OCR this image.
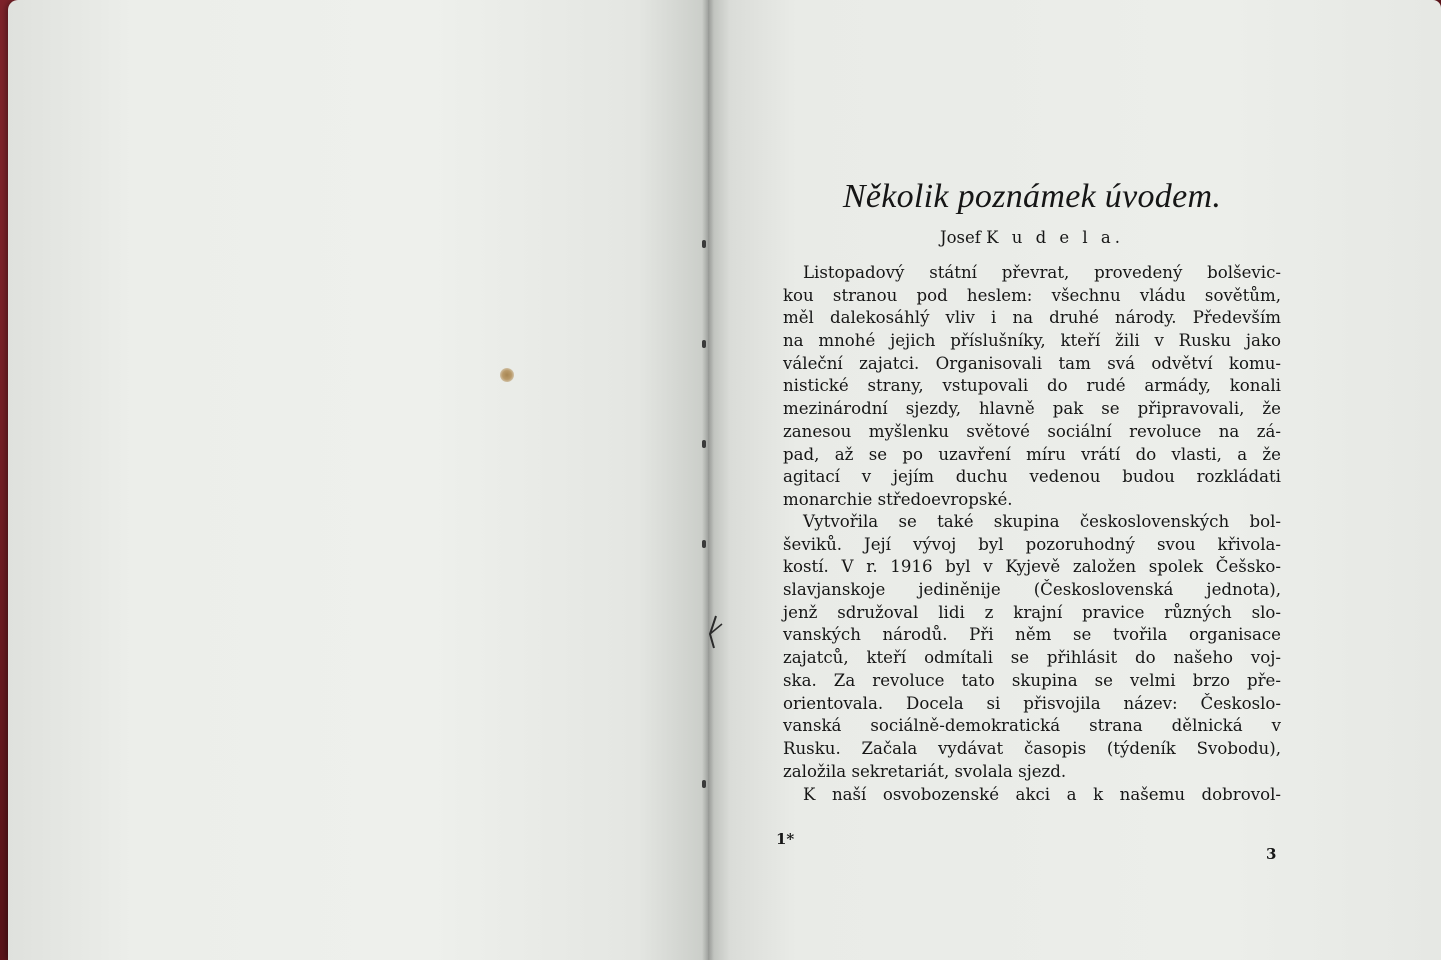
Několik poznámek úvodem.
Josef K u d e l a.
Listopadový státní převrat, provedený bolševic-
kou stranou pod heslem: všechnu vládu sovětům,
měl dalekosáhlý vliv i na druhé národy. Především
na mnohé jejich příslušníky, kteří žili v Rusku jako
váleční zajatci. Organisovali tam svá odvětví komu-
nistické strany, vstupovali do rudé armády, konali
mezinárodní sjezdy, hlavně pak se připravovali, že
zanesou myšlenku světové sociální revoluce na zá-
pad, až se po uzavření míru vrátí do vlasti, a že
agitací v jejím duchu vedenou budou rozkládati
monarchie středoevropské.
Vytvořila se také skupina československých bol-
ševiků. Její vývoj byl pozoruhodný svou křivola-
kostí. V r. 1916 byl v Kyjevě založen spolek Češsko-
slavjanskoje jediněnije (Československá jednota),
jenž sdružoval lidi z krajní pravice různých slo-
vanských národů. Při něm se tvořila organisace
zajatců, kteří odmítali se přihlásit do našeho voj-
ska. Za revoluce tato skupina se velmi brzo pře-
orientovala. Docela si přisvojila název: Českoslo-
vanská sociálně-demokratická strana dělnická v
Rusku. Začala vydávat časopis (týdeník Svobodu),
založila sekretariát, svolala sjezd.
K naší osvobozenské akci a k našemu dobrovol-
1*
3
